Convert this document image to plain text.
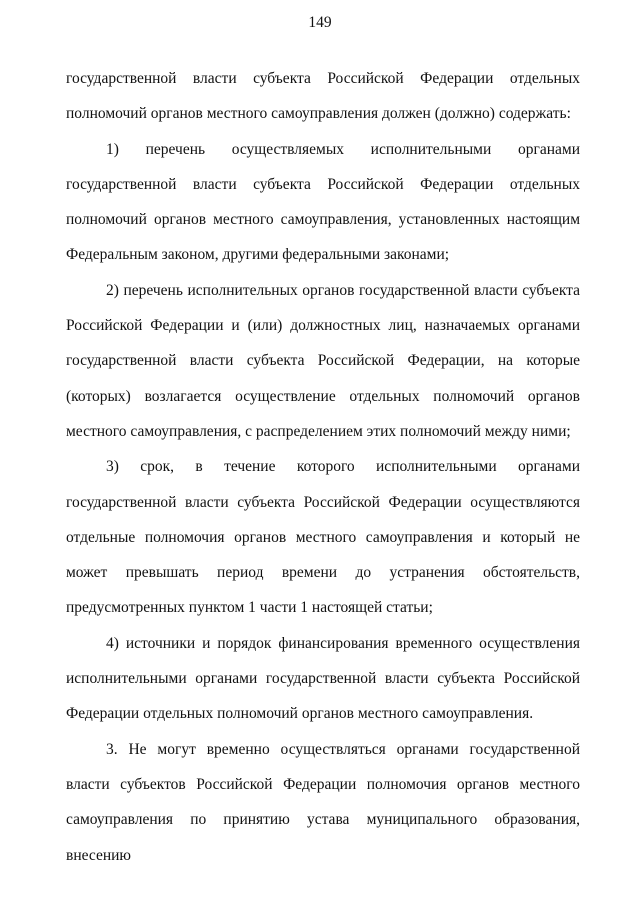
149

государственной власти субъекта Российской Федерации отдельных полномочий органов местного самоуправления должен (должно) содержать:

1) перечень осуществляемых исполнительными органами государственной власти субъекта Российской Федерации отдельных полномочий органов местного самоуправления, установленных настоящим Федеральным законом, другими федеральными законами;

2) перечень исполнительных органов государственной власти субъекта Российской Федерации и (или) должностных лиц, назначаемых органами государственной власти субъекта Российской Федерации, на которые (которых) возлагается осуществление отдельных полномочий органов местного самоуправления, с распределением этих полномочий между ними;

3) срок, в течение которого исполнительными органами государственной власти субъекта Российской Федерации осуществляются отдельные полномочия органов местного самоуправления и который не может превышать период времени до устранения обстоятельств, предусмотренных пунктом 1 части 1 настоящей статьи;

4) источники и порядок финансирования временного осуществления исполнительными органами государственной власти субъекта Российской Федерации отдельных полномочий органов местного самоуправления.

3. Не могут временно осуществляться органами государственной власти субъектов Российской Федерации полномочия органов местного самоуправления по принятию устава муниципального образования, внесению
